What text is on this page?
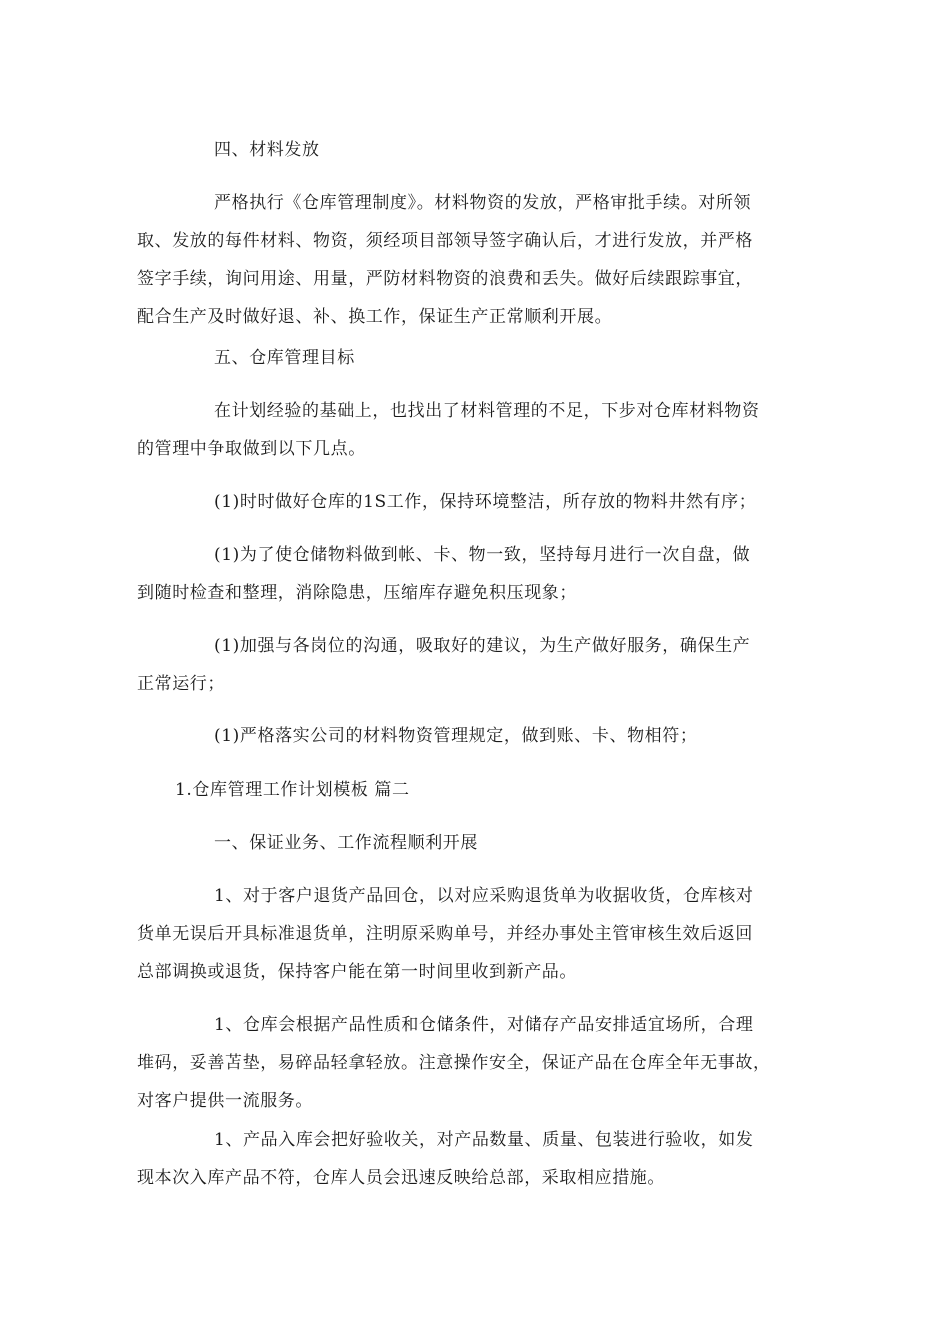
四、材料发放

严格执行《仓库管理制度》。材料物资的发放，严格审批手续。对所领
取、发放的每件材料、物资，须经项目部领导签字确认后，才进行发放，并严格
签字手续，询问用途、用量，严防材料物资的浪费和丢失。做好后续跟踪事宜，
配合生产及时做好退、补、换工作，保证生产正常顺利开展。

五、仓库管理目标

在计划经验的基础上，也找出了材料管理的不足，下步对仓库材料物资
的管理中争取做到以下几点。

(1)时时做好仓库的1S工作，保持环境整洁，所存放的物料井然有序；

(1)为了使仓储物料做到帐、卡、物一致，坚持每月进行一次自盘，做
到随时检查和整理，消除隐患，压缩库存避免积压现象；

(1)加强与各岗位的沟通，吸取好的建议，为生产做好服务，确保生产
正常运行；

(1)严格落实公司的材料物资管理规定，做到账、卡、物相符；

1.仓库管理工作计划模板 篇二

一、保证业务、工作流程顺利开展

1、对于客户退货产品回仓，以对应采购退货单为收据收货，仓库核对
货单无误后开具标准退货单，注明原采购单号，并经办事处主管审核生效后返回
总部调换或退货，保持客户能在第一时间里收到新产品。

1、仓库会根据产品性质和仓储条件，对储存产品安排适宜场所，合理
堆码，妥善苫垫，易碎品轻拿轻放。注意操作安全，保证产品在仓库全年无事故，
对客户提供一流服务。

1、产品入库会把好验收关，对产品数量、质量、包装进行验收，如发
现本次入库产品不符，仓库人员会迅速反映给总部，采取相应措施。
